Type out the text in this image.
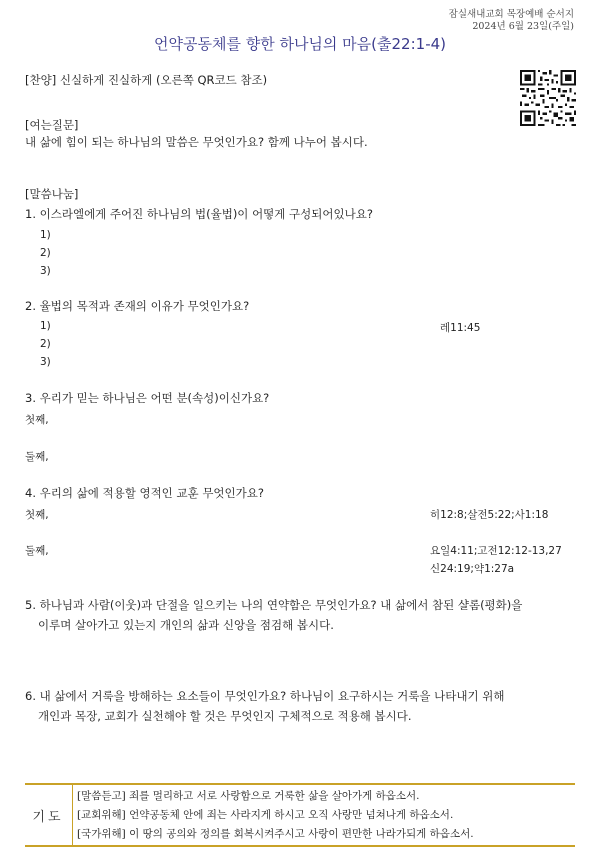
잠실새내교회 목장예배 순서지
2024년 6월 23일(주일)
언약공동체를 향한 하나님의 마음(출22:1-4)
[찬양] 신실하게 진실하게 (오른쪽 QR코드 참조)
[여는질문]
내 삶에 힘이 되는 하나님의 말씀은 무엇인가요? 함께 나누어 봅시다.
[말씀나눔]
1. 이스라엘에게 주어진 하나님의 법(율법)이 어떻게 구성되어있나요?
1)
2)
3)
2. 율법의 목적과 존재의 이유가 무엇인가요?
1)	레11:45
2)
3)
3. 우리가 믿는 하나님은 어떤 분(속성)이신가요?
첫째,
둘째,
4. 우리의 삶에 적용할 영적인 교훈 무엇인가요?
첫째,	히12:8;살전5:22;사1:18
둘째,	요일4:11;고전12:12-13,27
신24:19;약1:27a
5. 하나님과 사람(이웃)과 단절을 일으키는 나의 연약함은 무엇인가요? 내 삶에서 참된 샬롬(평화)을
이루며 살아가고 있는지 개인의 삶과 신앙을 점검해 봅시다.
6. 내 삶에서 거룩을 방해하는 요소들이 무엇인가요? 하나님이 요구하시는 거룩을 나타내기 위해
개인과 목장, 교회가 실천해야 할 것은 무엇인지 구체적으로 적용해 봅시다.
기도
[말씀듣고] 죄를 멀리하고 서로 사랑함으로 거룩한 삶을 살아가게 하옵소서.
[교회위해] 언약공동체 안에 죄는 사라지게 하시고 오직 사랑만 넘쳐나게 하옵소서.
[국가위해] 이 땅의 공의와 정의를 회복시켜주시고 사랑이 편만한 나라가되게 하옵소서.
